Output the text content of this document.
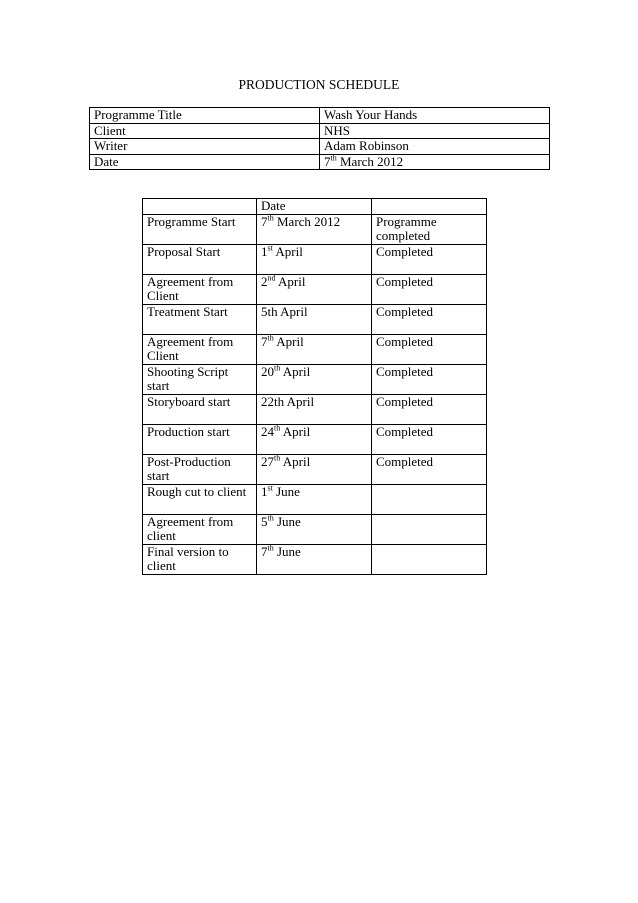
PRODUCTION SCHEDULE
Programme Title	Wash Your Hands
Client	NHS
Writer	Adam Robinson
Date	7th March 2012
	Date	
Programme Start	7th March 2012	Programme completed
Proposal Start	1st April	Completed
Agreement from Client	2nd April	Completed
Treatment Start	5th April	Completed
Agreement from Client	7th April	Completed
Shooting Script start	20th April	Completed
Storyboard start	22th April	Completed
Production start	24th April	Completed
Post-Production start	27th April	Completed
Rough cut to client	1st June	
Agreement from client	5th June	
Final version to client	7th June	
